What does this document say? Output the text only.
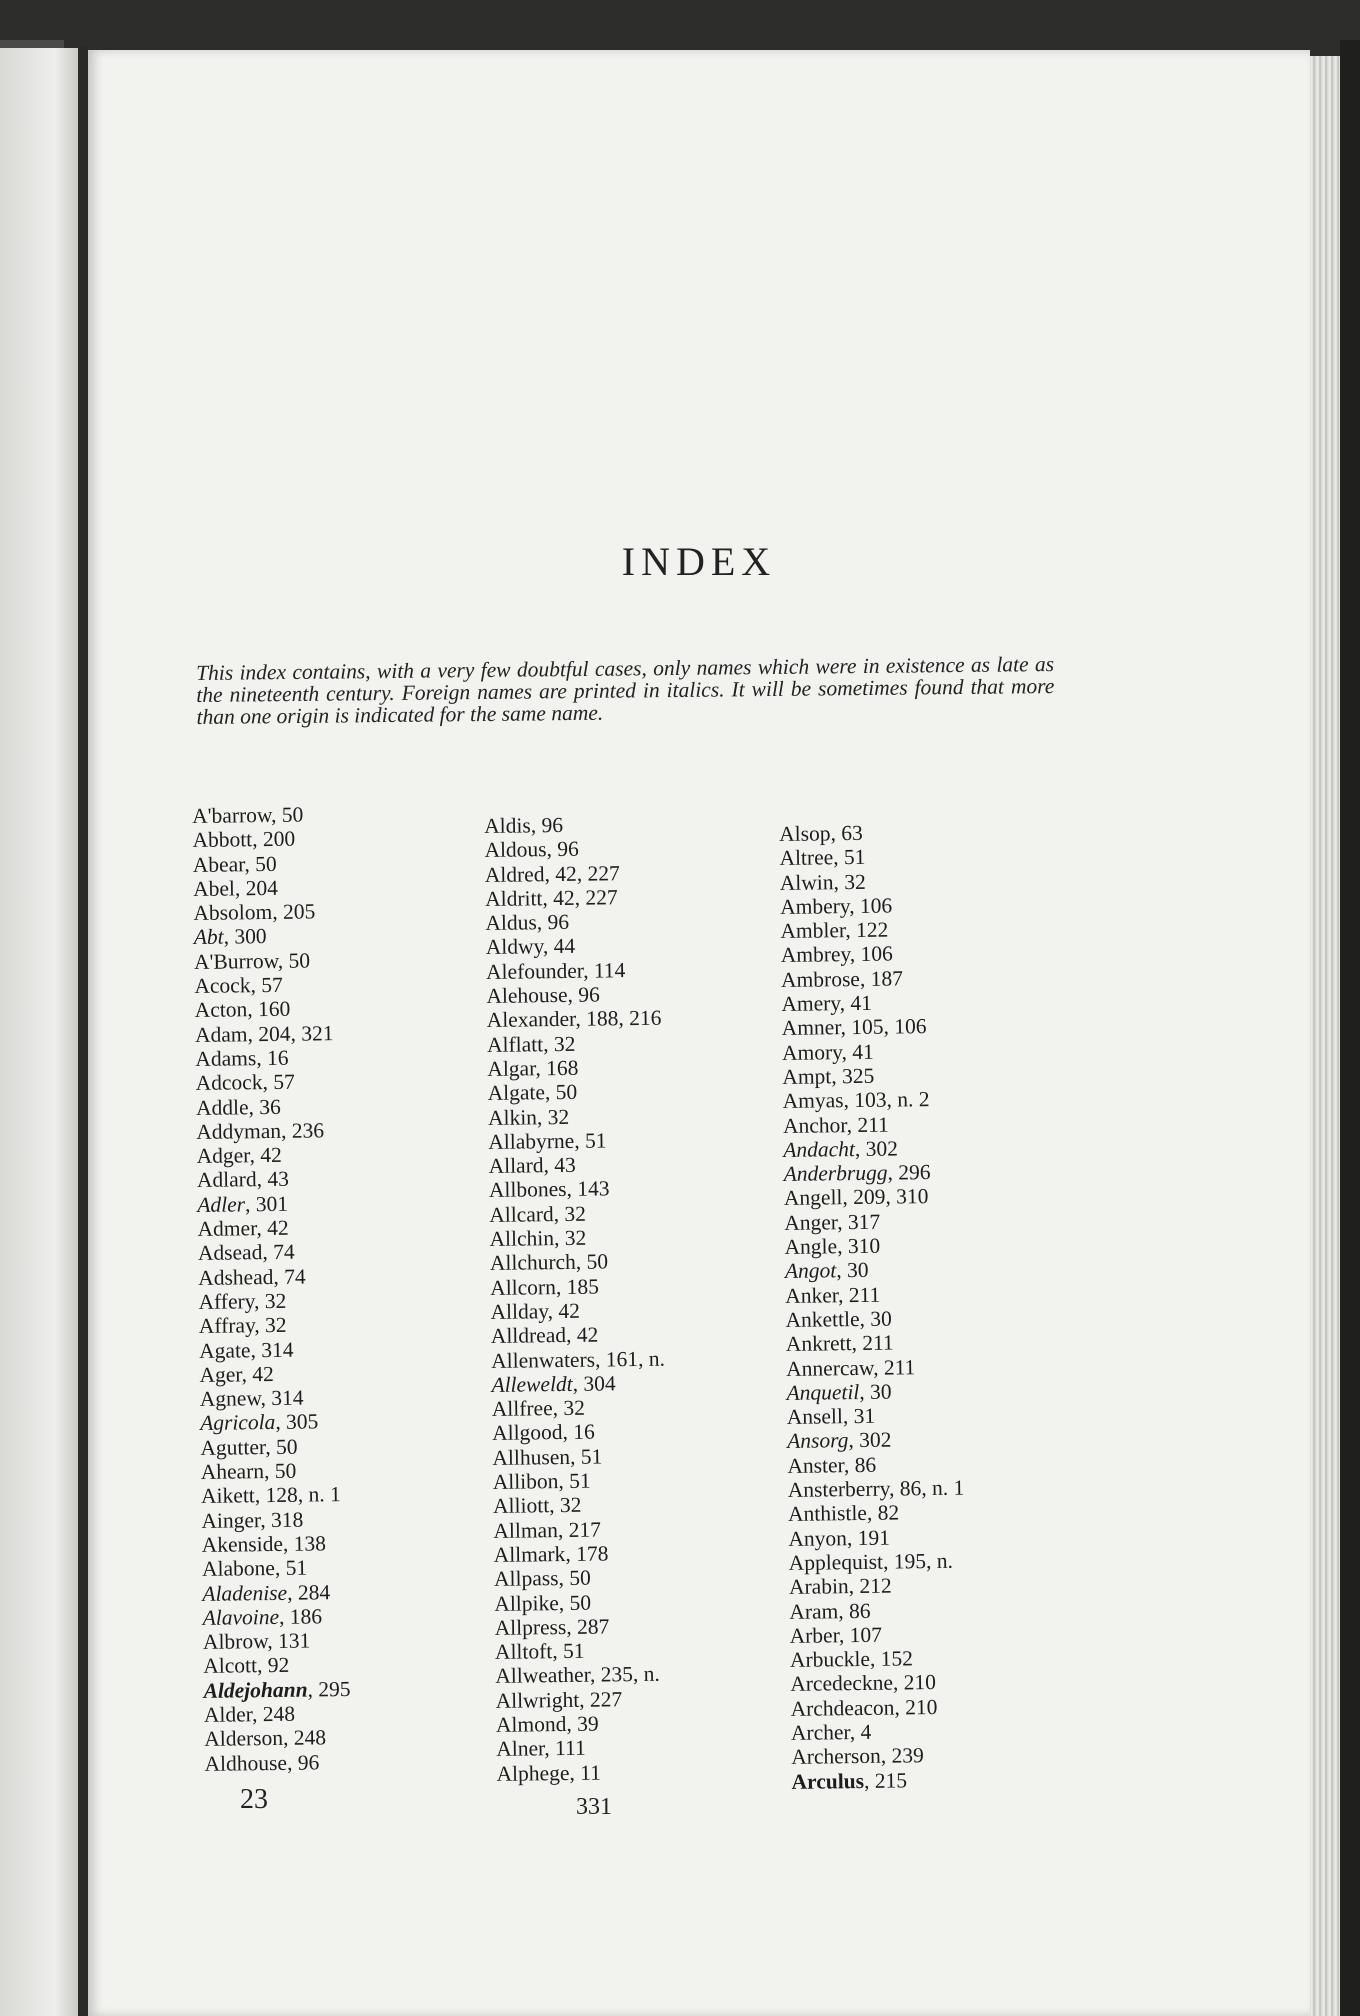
INDEX
This index contains, with a very few doubtful cases, only names which were in existence as late as the nineteenth century. Foreign names are printed in italics. It will be sometimes found that more than one origin is indicated for the same name.
A'barrow, 50
Abbott, 200
Abear, 50
Abel, 204
Absolom, 205
Abt, 300
A'Burrow, 50
Acock, 57
Acton, 160
Adam, 204, 321
Adams, 16
Adcock, 57
Addle, 36
Addyman, 236
Adger, 42
Adlard, 43
Adler, 301
Admer, 42
Adsead, 74
Adshead, 74
Affery, 32
Affray, 32
Agate, 314
Ager, 42
Agnew, 314
Agricola, 305
Agutter, 50
Ahearn, 50
Aikett, 128, n. 1
Ainger, 318
Akenside, 138
Alabone, 51
Aladenise, 284
Alavoine, 186
Albrow, 131
Alcott, 92
Aldejohann, 295
Alder, 248
Alderson, 248
Aldhouse, 96
Aldis, 96
Aldous, 96
Aldred, 42, 227
Aldritt, 42, 227
Aldus, 96
Aldwy, 44
Alefounder, 114
Alehouse, 96
Alexander, 188, 216
Alflatt, 32
Algar, 168
Algate, 50
Alkin, 32
Allabyrne, 51
Allard, 43
Allbones, 143
Allcard, 32
Allchin, 32
Allchurch, 50
Allcorn, 185
Allday, 42
Alldread, 42
Allenwaters, 161, n.
Alleweldt, 304
Allfree, 32
Allgood, 16
Allhusen, 51
Allibon, 51
Alliott, 32
Allman, 217
Allmark, 178
Allpass, 50
Allpike, 50
Allpress, 287
Alltoft, 51
Allweather, 235, n.
Allwright, 227
Almond, 39
Alner, 111
Alphege, 11
Alsop, 63
Altree, 51
Alwin, 32
Ambery, 106
Ambler, 122
Ambrey, 106
Ambrose, 187
Amery, 41
Amner, 105, 106
Amory, 41
Ampt, 325
Amyas, 103, n. 2
Anchor, 211
Andacht, 302
Anderbrugg, 296
Angell, 209, 310
Anger, 317
Angle, 310
Angot, 30
Anker, 211
Ankettle, 30
Ankrett, 211
Annercaw, 211
Anquetil, 30
Ansell, 31
Ansorg, 302
Anster, 86
Ansterberry, 86, n. 1
Anthistle, 82
Anyon, 191
Applequist, 195, n.
Arabin, 212
Aram, 86
Arber, 107
Arbuckle, 152
Arcedeckne, 210
Archdeacon, 210
Archer, 4
Archerson, 239
Arculus, 215
23	331
